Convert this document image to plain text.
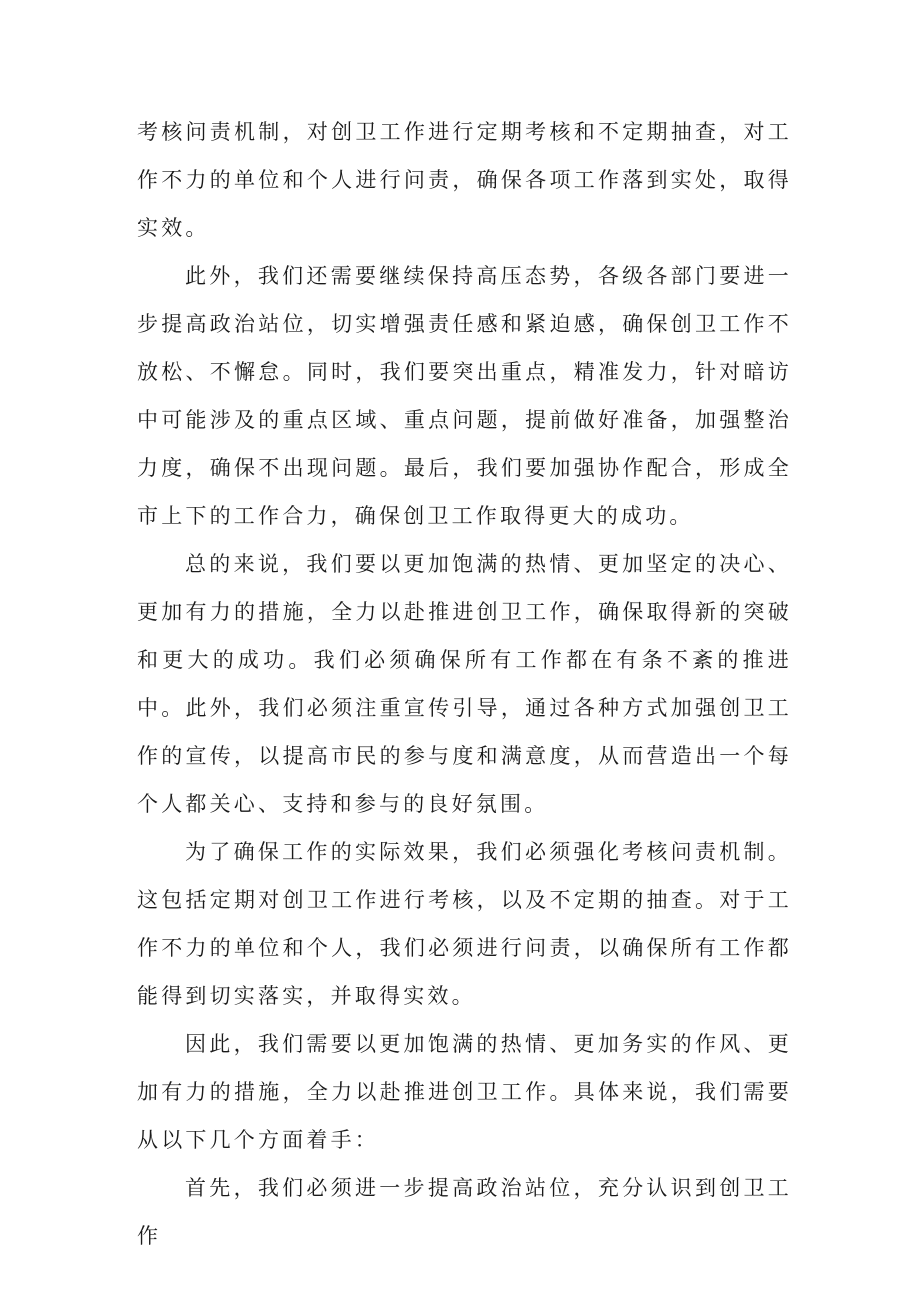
考核问责机制，对创卫工作进行定期考核和不定期抽查，对工作不力的单位和个人进行问责，确保各项工作落到实处，取得实效。

此外，我们还需要继续保持高压态势，各级各部门要进一步提高政治站位，切实增强责任感和紧迫感，确保创卫工作不放松、不懈怠。同时，我们要突出重点，精准发力，针对暗访中可能涉及的重点区域、重点问题，提前做好准备，加强整治力度，确保不出现问题。最后，我们要加强协作配合，形成全市上下的工作合力，确保创卫工作取得更大的成功。

总的来说，我们要以更加饱满的热情、更加坚定的决心、更加有力的措施，全力以赴推进创卫工作，确保取得新的突破和更大的成功。我们必须确保所有工作都在有条不紊的推进中。此外，我们必须注重宣传引导，通过各种方式加强创卫工作的宣传，以提高市民的参与度和满意度，从而营造出一个每个人都关心、支持和参与的良好氛围。

为了确保工作的实际效果，我们必须强化考核问责机制。这包括定期对创卫工作进行考核，以及不定期的抽查。对于工作不力的单位和个人，我们必须进行问责，以确保所有工作都能得到切实落实，并取得实效。

因此，我们需要以更加饱满的热情、更加务实的作风、更加有力的措施，全力以赴推进创卫工作。具体来说，我们需要从以下几个方面着手：

首先，我们必须进一步提高政治站位，充分认识到创卫工作
